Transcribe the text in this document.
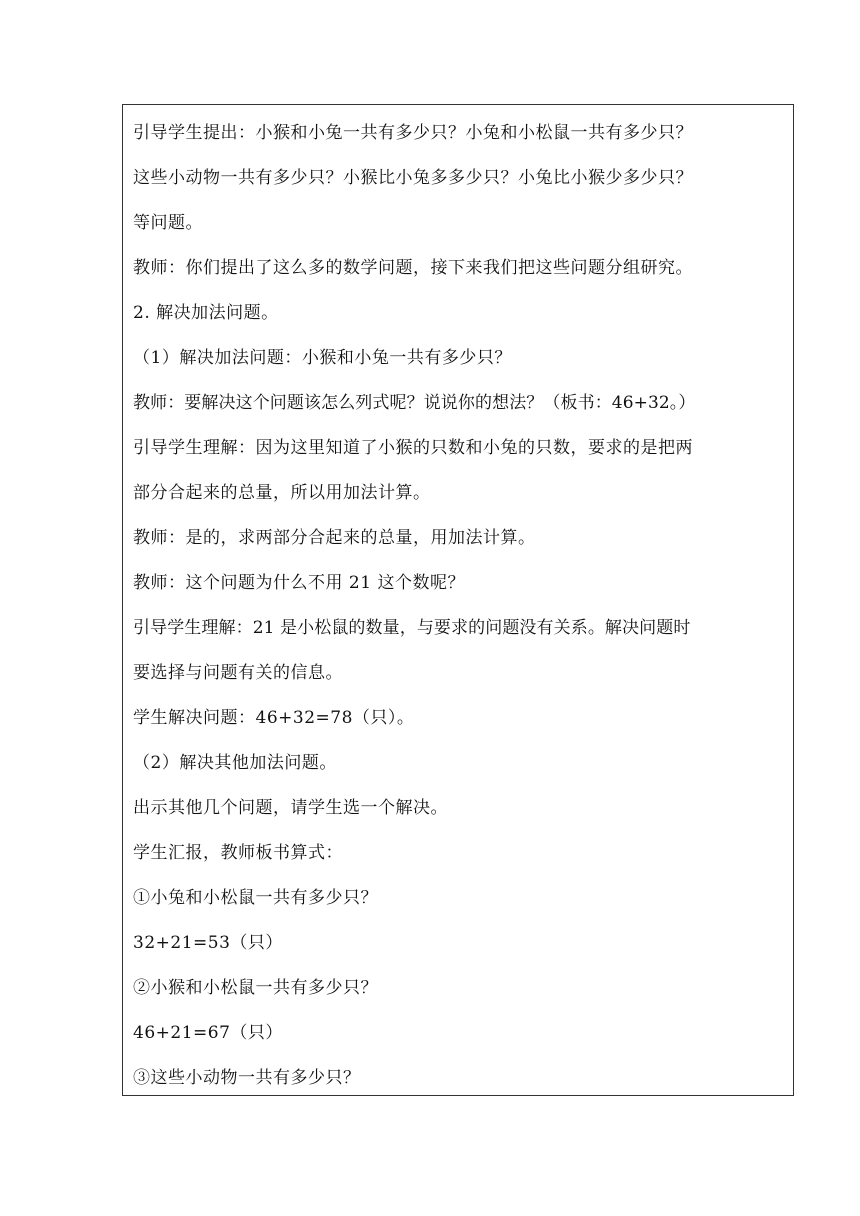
引导学生提出：小猴和小兔一共有多少只？小兔和小松鼠一共有多少只？
这些小动物一共有多少只？小猴比小兔多多少只？小兔比小猴少多少只？
等问题。
教师：你们提出了这么多的数学问题，接下来我们把这些问题分组研究。
2. 解决加法问题。
（1）解决加法问题：小猴和小兔一共有多少只？
教师：要解决这个问题该怎么列式呢？说说你的想法？（板书：46+32。）
引导学生理解：因为这里知道了小猴的只数和小兔的只数，要求的是把两
部分合起来的总量，所以用加法计算。
教师：是的，求两部分合起来的总量，用加法计算。
教师：这个问题为什么不用 21 这个数呢？
引导学生理解：21 是小松鼠的数量，与要求的问题没有关系。解决问题时
要选择与问题有关的信息。
学生解决问题：46+32=78（只）。
（2）解决其他加法问题。
出示其他几个问题，请学生选一个解决。
学生汇报，教师板书算式：
①小兔和小松鼠一共有多少只？
32+21=53（只）
②小猴和小松鼠一共有多少只？
46+21=67（只）
③这些小动物一共有多少只？
